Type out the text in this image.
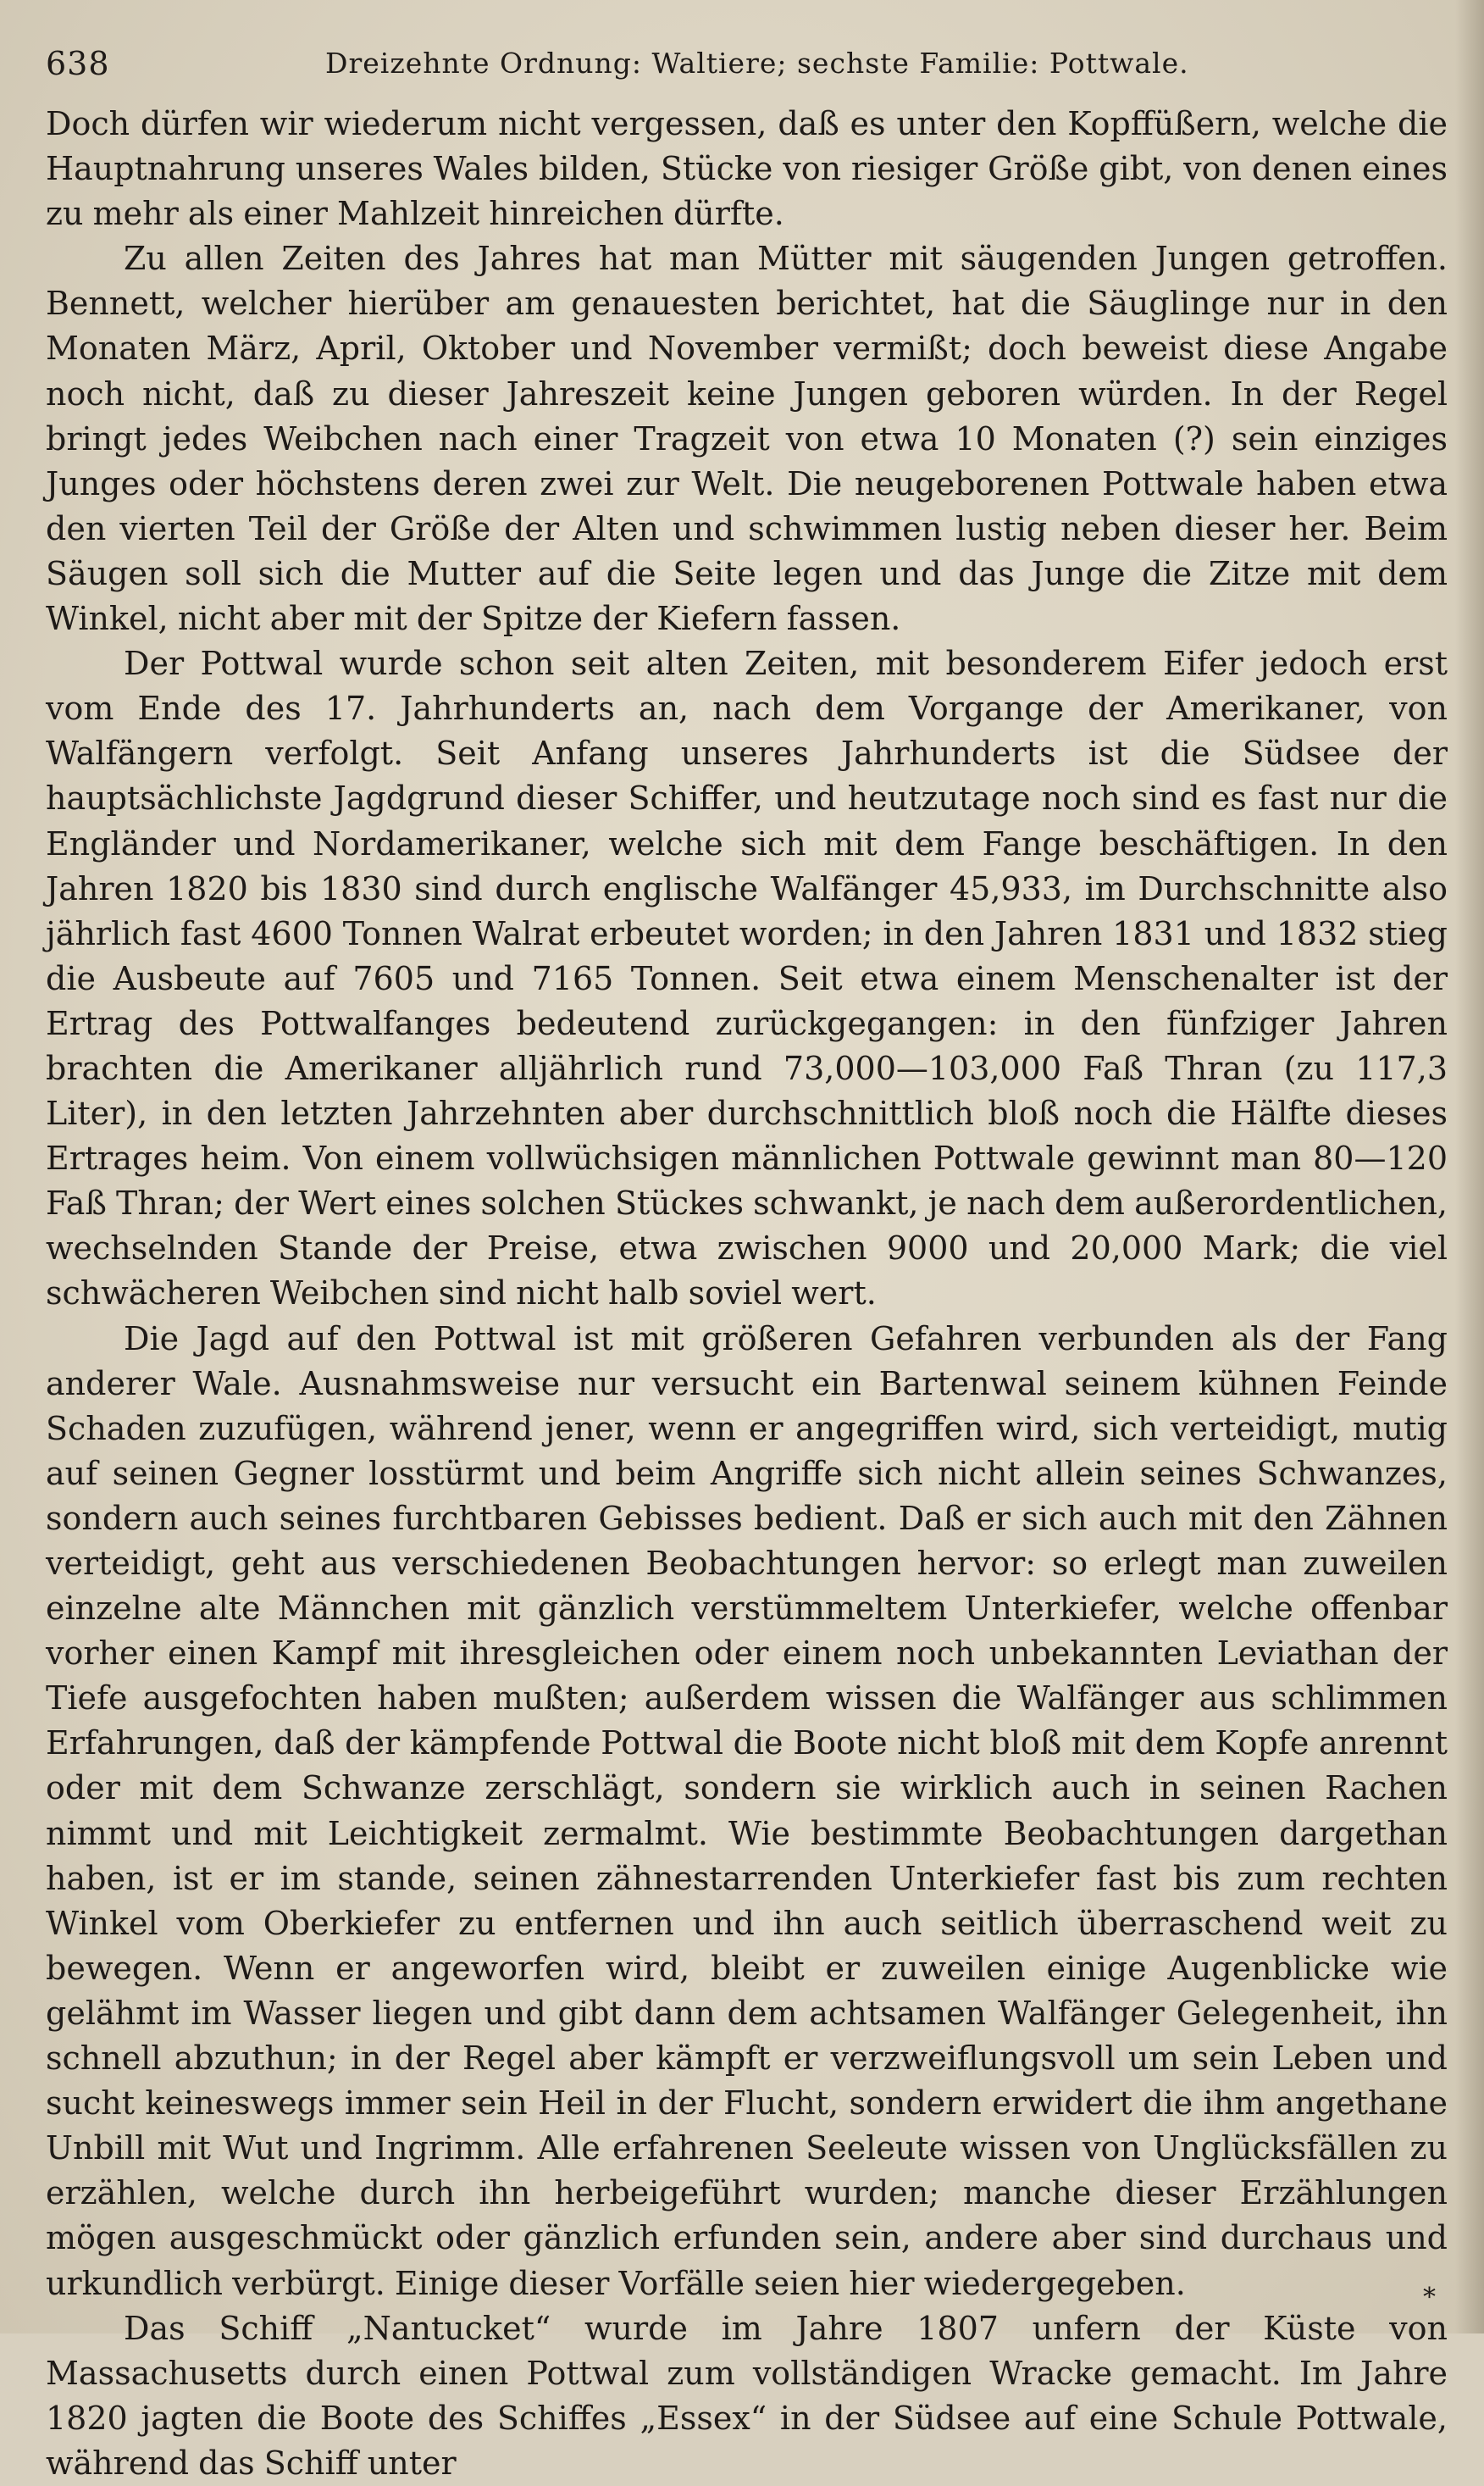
638	Dreizehnte Ordnung: Waltiere; sechste Familie: Pottwale.

Doch dürfen wir wiederum nicht vergessen, daß es unter den Kopffüßern, welche die Hauptnahrung unseres Wales bilden, Stücke von riesiger Größe gibt, von denen eines zu mehr als einer Mahlzeit hinreichen dürfte.

Zu allen Zeiten des Jahres hat man Mütter mit säugenden Jungen getroffen. Bennett, welcher hierüber am genauesten berichtet, hat die Säuglinge nur in den Monaten März, April, Oktober und November vermißt; doch beweist diese Angabe noch nicht, daß zu dieser Jahreszeit keine Jungen geboren würden. In der Regel bringt jedes Weibchen nach einer Tragzeit von etwa 10 Monaten (?) sein einziges Junges oder höchstens deren zwei zur Welt. Die neugeborenen Pottwale haben etwa den vierten Teil der Größe der Alten und schwimmen lustig neben dieser her. Beim Säugen soll sich die Mutter auf die Seite legen und das Junge die Zitze mit dem Winkel, nicht aber mit der Spitze der Kiefern fassen.

Der Pottwal wurde schon seit alten Zeiten, mit besonderem Eifer jedoch erst vom Ende des 17. Jahrhunderts an, nach dem Vorgange der Amerikaner, von Walfängern verfolgt. Seit Anfang unseres Jahrhunderts ist die Südsee der hauptsächlichste Jagdgrund dieser Schiffer, und heutzutage noch sind es fast nur die Engländer und Nordamerikaner, welche sich mit dem Fange beschäftigen. In den Jahren 1820 bis 1830 sind durch englische Walfänger 45,933, im Durchschnitte also jährlich fast 4600 Tonnen Walrat erbeutet worden; in den Jahren 1831 und 1832 stieg die Ausbeute auf 7605 und 7165 Tonnen. Seit etwa einem Menschenalter ist der Ertrag des Pottwalfanges bedeutend zurückgegangen: in den fünfziger Jahren brachten die Amerikaner alljährlich rund 73,000—103,000 Faß Thran (zu 117,3 Liter), in den letzten Jahrzehnten aber durchschnittlich bloß noch die Hälfte dieses Ertrages heim. Von einem vollwüchsigen männlichen Pottwale gewinnt man 80—120 Faß Thran; der Wert eines solchen Stückes schwankt, je nach dem außerordentlichen, wechselnden Stande der Preise, etwa zwischen 9000 und 20,000 Mark; die viel schwächeren Weibchen sind nicht halb soviel wert.

Die Jagd auf den Pottwal ist mit größeren Gefahren verbunden als der Fang anderer Wale. Ausnahmsweise nur versucht ein Bartenwal seinem kühnen Feinde Schaden zuzufügen, während jener, wenn er angegriffen wird, sich verteidigt, mutig auf seinen Gegner losstürmt und beim Angriffe sich nicht allein seines Schwanzes, sondern auch seines furchtbaren Gebisses bedient. Daß er sich auch mit den Zähnen verteidigt, geht aus verschiedenen Beobachtungen hervor: so erlegt man zuweilen einzelne alte Männchen mit gänzlich verstümmeltem Unterkiefer, welche offenbar vorher einen Kampf mit ihresgleichen oder einem noch unbekannten Leviathan der Tiefe ausgefochten haben mußten; außerdem wissen die Walfänger aus schlimmen Erfahrungen, daß der kämpfende Pottwal die Boote nicht bloß mit dem Kopfe anrennt oder mit dem Schwanze zerschlägt, sondern sie wirklich auch in seinen Rachen nimmt und mit Leichtigkeit zermalmt. Wie bestimmte Beobachtungen dargethan haben, ist er im stande, seinen zähnestarrenden Unterkiefer fast bis zum rechten Winkel vom Oberkiefer zu entfernen und ihn auch seitlich überraschend weit zu bewegen. Wenn er angeworfen wird, bleibt er zuweilen einige Augenblicke wie gelähmt im Wasser liegen und gibt dann dem achtsamen Walfänger Gelegenheit, ihn schnell abzuthun; in der Regel aber kämpft er verzweiflungsvoll um sein Leben und sucht keineswegs immer sein Heil in der Flucht, sondern erwidert die ihm angethane Unbill mit Wut und Ingrimm. Alle erfahrenen Seeleute wissen von Unglücksfällen zu erzählen, welche durch ihn herbeigeführt wurden; manche dieser Erzählungen mögen ausgeschmückt oder gänzlich erfunden sein, andere aber sind durchaus und urkundlich verbürgt. Einige dieser Vorfälle seien hier wiedergegeben.

Das Schiff „Nantucket“ wurde im Jahre 1807 unfern der Küste von Massachusetts durch einen Pottwal zum vollständigen Wracke gemacht. Im Jahre 1820 jagten die Boote des Schiffes „Essex“ in der Südsee auf eine Schule Pottwale, während das Schiff unter

*
